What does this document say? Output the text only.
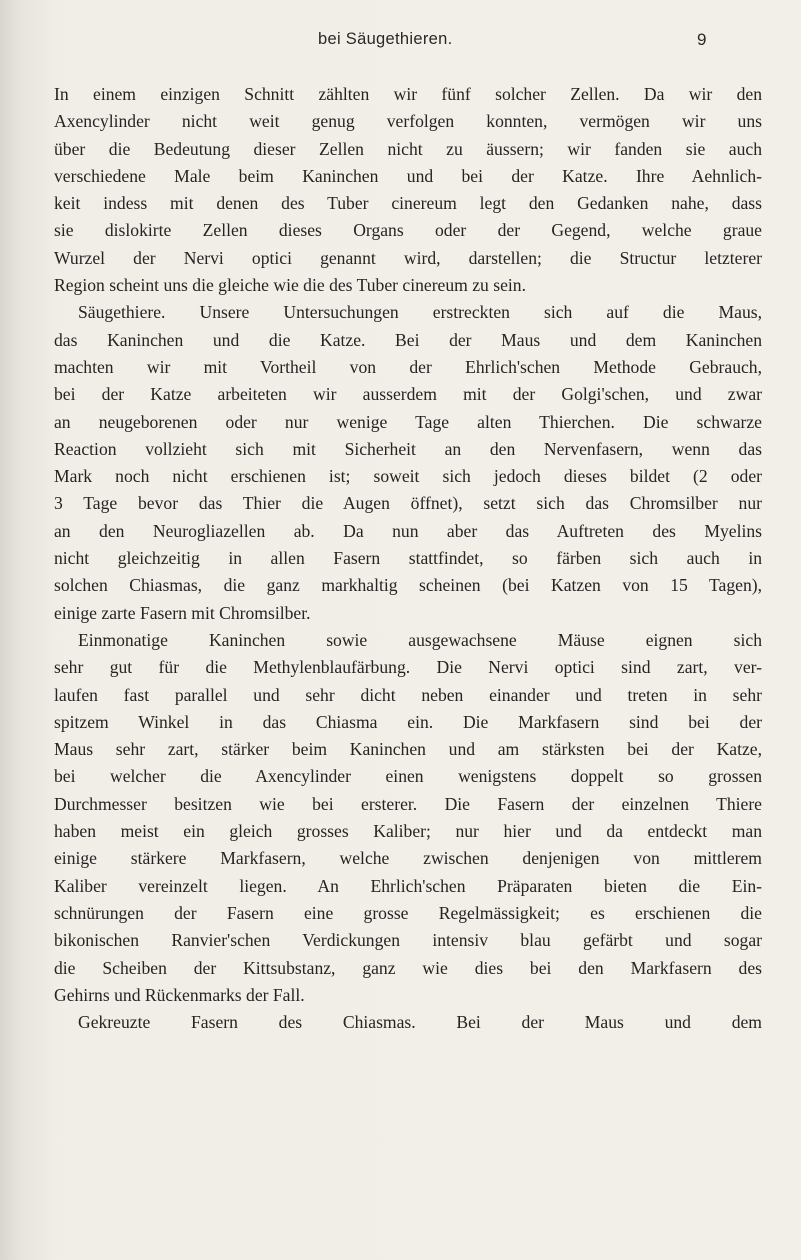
bei Säugethieren.	9
In einem einzigen Schnitt zählten wir fünf solcher Zellen. Da wir den
Axencylinder nicht weit genug verfolgen konnten, vermögen wir uns
über die Bedeutung dieser Zellen nicht zu äussern; wir fanden sie auch
verschiedene Male beim Kaninchen und bei der Katze. Ihre Aehnlich-
keit indess mit denen des Tuber cinereum legt den Gedanken nahe, dass
sie dislokirte Zellen dieses Organs oder der Gegend, welche graue
Wurzel der Nervi optici genannt wird, darstellen; die Structur letzterer
Region scheint uns die gleiche wie die des Tuber cinereum zu sein.
Säugethiere. Unsere Untersuchungen erstreckten sich auf die Maus,
das Kaninchen und die Katze. Bei der Maus und dem Kaninchen
machten wir mit Vortheil von der Ehrlich'schen Methode Gebrauch,
bei der Katze arbeiteten wir ausserdem mit der Golgi'schen, und zwar
an neugeborenen oder nur wenige Tage alten Thierchen. Die schwarze
Reaction vollzieht sich mit Sicherheit an den Nervenfasern, wenn das
Mark noch nicht erschienen ist; soweit sich jedoch dieses bildet (2 oder
3 Tage bevor das Thier die Augen öffnet), setzt sich das Chromsilber nur
an den Neurogliazellen ab. Da nun aber das Auftreten des Myelins
nicht gleichzeitig in allen Fasern stattfindet, so färben sich auch in
solchen Chiasmas, die ganz markhaltig scheinen (bei Katzen von 15 Tagen),
einige zarte Fasern mit Chromsilber.
Einmonatige Kaninchen sowie ausgewachsene Mäuse eignen sich
sehr gut für die Methylenblaufärbung. Die Nervi optici sind zart, ver-
laufen fast parallel und sehr dicht neben einander und treten in sehr
spitzem Winkel in das Chiasma ein. Die Markfasern sind bei der
Maus sehr zart, stärker beim Kaninchen und am stärksten bei der Katze,
bei welcher die Axencylinder einen wenigstens doppelt so grossen
Durchmesser besitzen wie bei ersterer. Die Fasern der einzelnen Thiere
haben meist ein gleich grosses Kaliber; nur hier und da entdeckt man
einige stärkere Markfasern, welche zwischen denjenigen von mittlerem
Kaliber vereinzelt liegen. An Ehrlich'schen Präparaten bieten die Ein-
schnürungen der Fasern eine grosse Regelmässigkeit; es erschienen die
bikonischen Ranvier'schen Verdickungen intensiv blau gefärbt und sogar
die Scheiben der Kittsubstanz, ganz wie dies bei den Markfasern des
Gehirns und Rückenmarks der Fall.
Gekreuzte Fasern des Chiasmas. Bei der Maus und dem
